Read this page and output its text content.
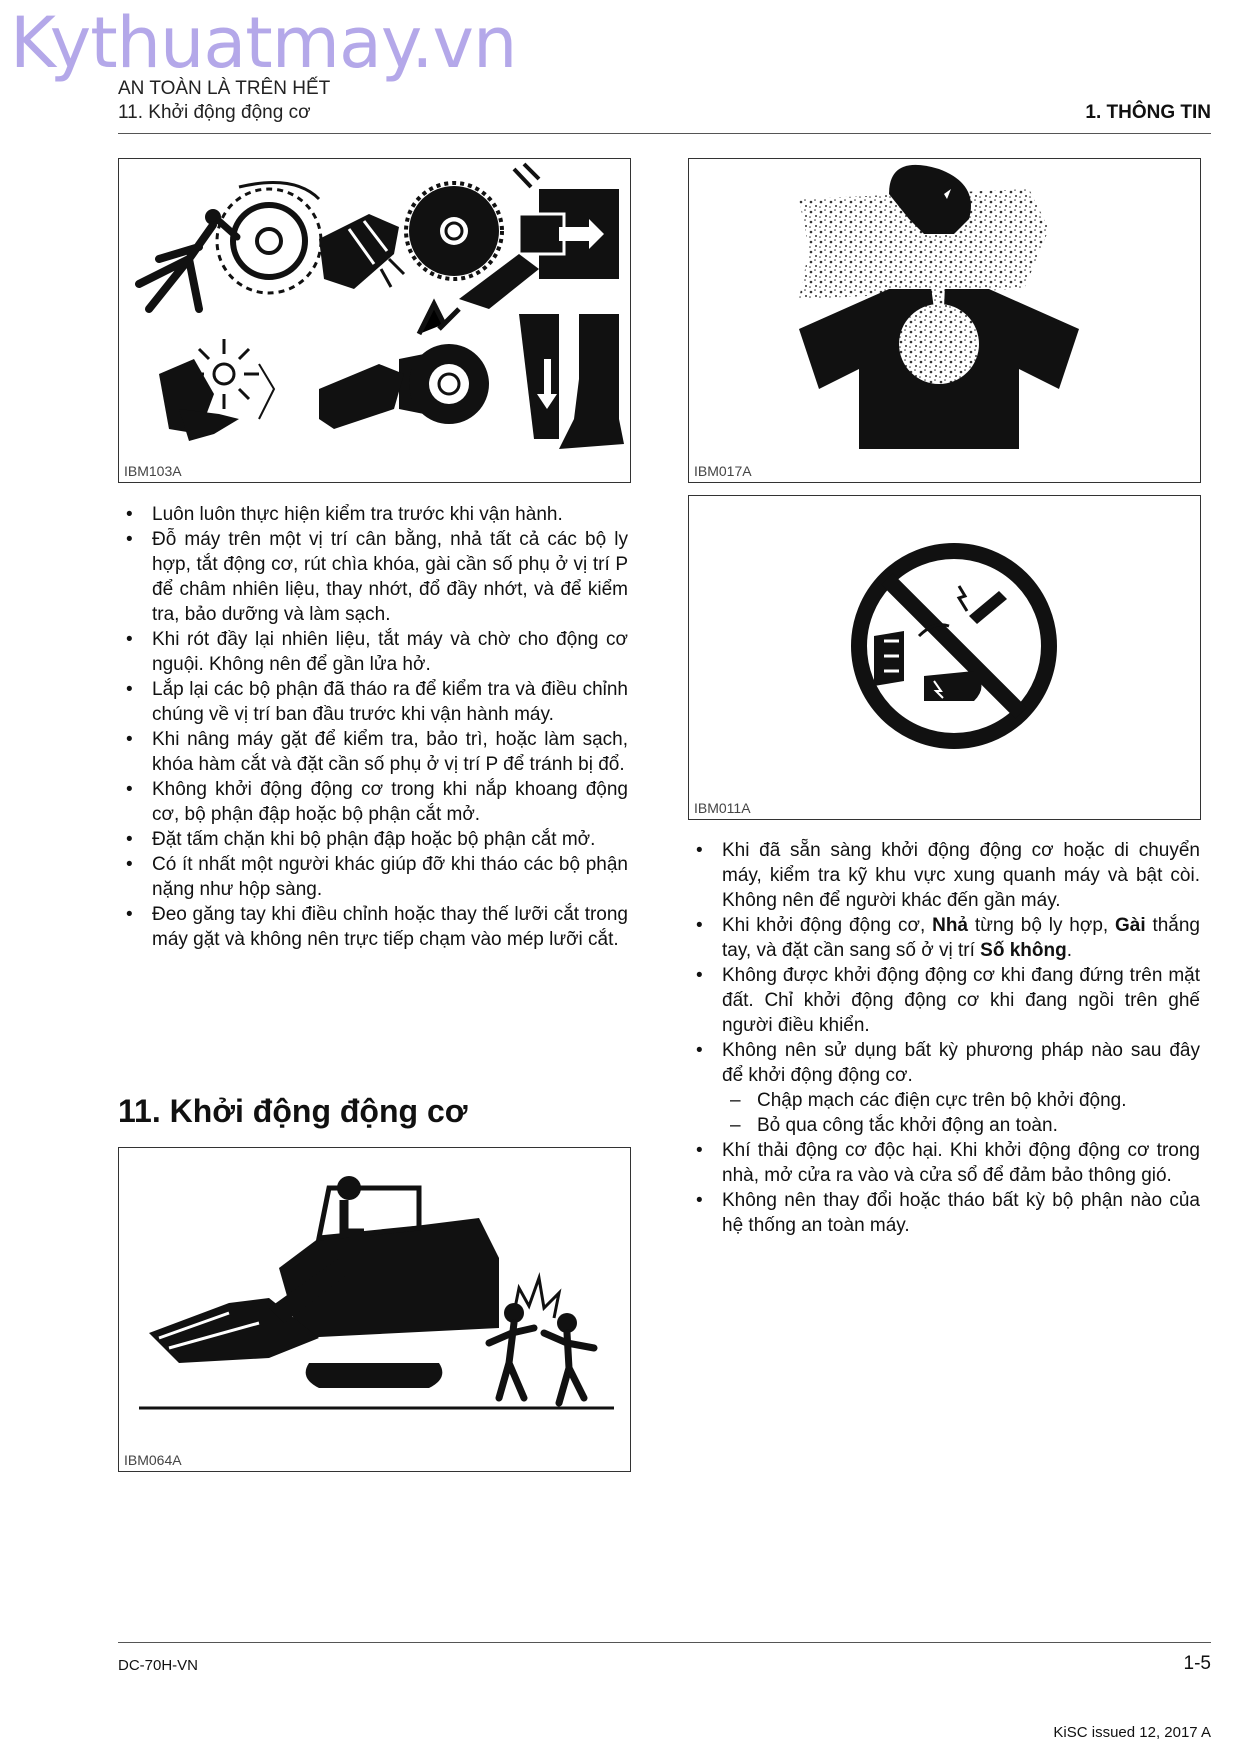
Kythuatmay.vn
AN TOÀN LÀ TRÊN HẾT
11. Khởi động động cơ	1. THÔNG TIN
IBM103A	IBM017A
IBM011A
• Luôn luôn thực hiện kiểm tra trước khi vận hành.
• Đỗ máy trên một vị trí cân bằng, nhả tất cả các bộ ly hợp, tắt động cơ, rút chìa khóa, gài cần số phụ ở vị trí P để châm nhiên liệu, thay nhớt, đổ đầy nhớt, và để kiểm tra, bảo dưỡng và làm sạch.
• Khi rót đầy lại nhiên liệu, tắt máy và chờ cho động cơ nguội. Không nên để gần lửa hở.
• Lắp lại các bộ phận đã tháo ra để kiểm tra và điều chỉnh chúng về vị trí ban đầu trước khi vận hành máy.
• Khi nâng máy gặt để kiểm tra, bảo trì, hoặc làm sạch, khóa hàm cắt và đặt cần số phụ ở vị trí P để tránh bị đổ.
• Không khởi động động cơ trong khi nắp khoang động cơ, bộ phận đập hoặc bộ phận cắt mở.
• Đặt tấm chặn khi bộ phận đập hoặc bộ phận cắt mở.
• Có ít nhất một người khác giúp đỡ khi tháo các bộ phận nặng như hộp sàng.
• Đeo găng tay khi điều chỉnh hoặc thay thế lưỡi cắt trong máy gặt và không nên trực tiếp chạm vào mép lưỡi cắt.
11. Khởi động động cơ
IBM064A
• Khi đã sẵn sàng khởi động động cơ hoặc di chuyển máy, kiểm tra kỹ khu vực xung quanh máy và bật còi. Không nên để người khác đến gần máy.
• Khi khởi động động cơ, Nhả từng bộ ly hợp, Gài thắng tay, và đặt cần sang số ở vị trí Số không.
• Không được khởi động động cơ khi đang đứng trên mặt đất. Chỉ khởi động động cơ khi đang ngồi trên ghế người điều khiển.
• Không nên sử dụng bất kỳ phương pháp nào sau đây để khởi động động cơ.
– Chập mạch các điện cực trên bộ khởi động.
– Bỏ qua công tắc khởi động an toàn.
• Khí thải động cơ độc hại. Khi khởi động động cơ trong nhà, mở cửa ra vào và cửa sổ để đảm bảo thông gió.
• Không nên thay đổi hoặc tháo bất kỳ bộ phận nào của hệ thống an toàn máy.
DC-70H-VN	1-5
KiSC issued 12, 2017 A
